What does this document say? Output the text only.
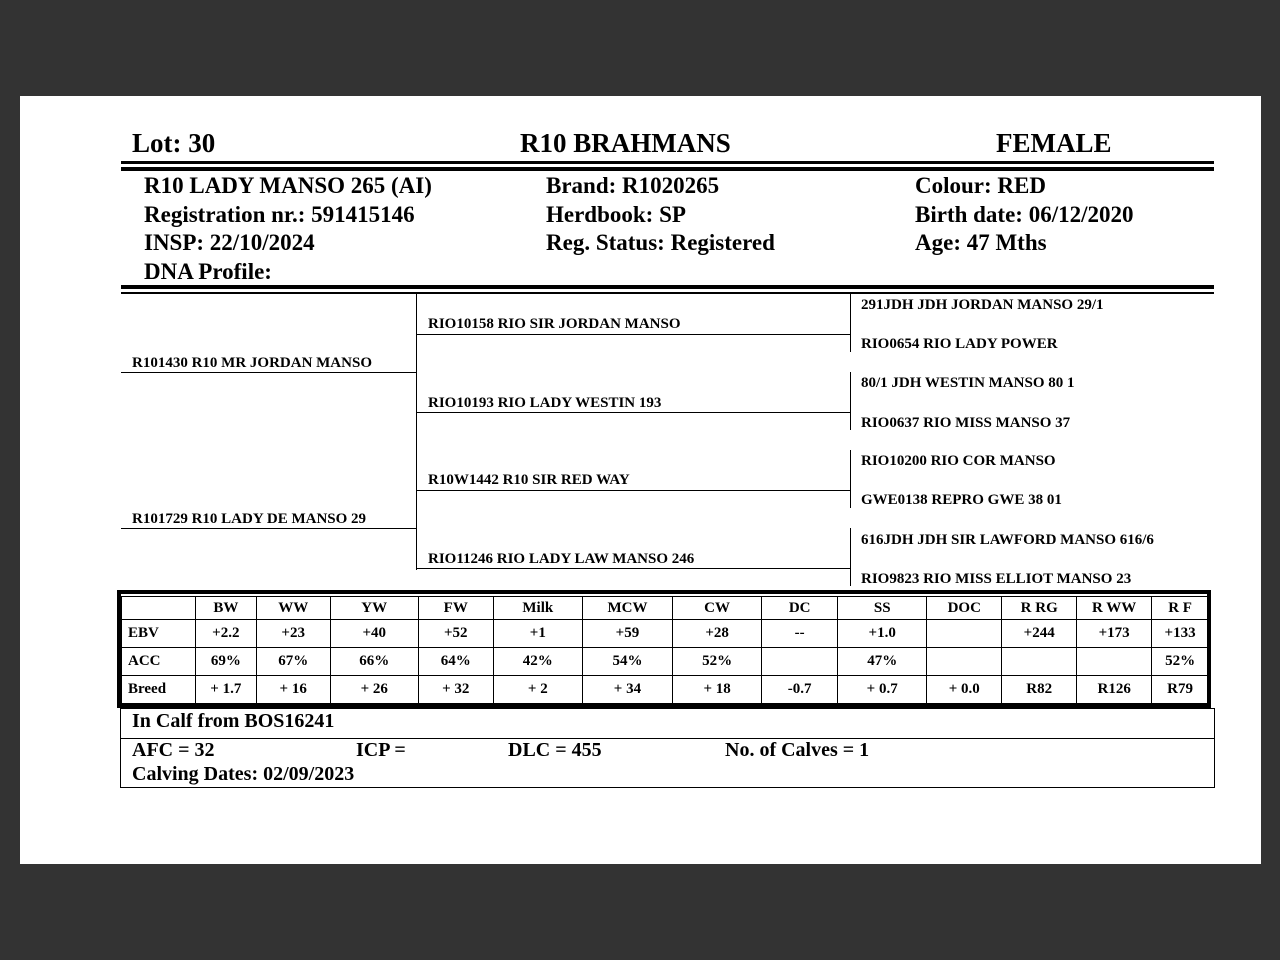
Lot: 30	R10 BRAHMANS	FEMALE
R10 LADY MANSO 265 (AI)
Registration nr.: 591415146
INSP: 22/10/2024
DNA Profile:
Brand: R1020265
Herdbook: SP
Reg. Status: Registered
Colour: RED
Birth date: 06/12/2020
Age: 47 Mths
R101430 R10 MR JORDAN MANSO
R101729 R10 LADY DE MANSO 29
RIO10158 RIO SIR JORDAN MANSO
RIO10193 RIO LADY WESTIN 193
R10W1442 R10 SIR RED WAY
RIO11246 RIO LADY LAW MANSO 246
291JDH JDH JORDAN MANSO 29/1
RIO0654 RIO LADY POWER
80/1 JDH WESTIN MANSO 80 1
RIO0637 RIO MISS MANSO 37
RIO10200 RIO COR MANSO
GWE0138 REPRO GWE 38 01
616JDH JDH SIR LAWFORD MANSO 616/6
RIO9823 RIO MISS ELLIOT MANSO 23
	BW	WW	YW	FW	Milk	MCW	CW	DC	SS	DOC	R RG	R WW	R F
EBV	+2.2	+23	+40	+52	+1	+59	+28	--	+1.0		+244	+173	+133
ACC	69%	67%	66%	64%	42%	54%	52%		47%				52%
Breed	+ 1.7	+ 16	+ 26	+ 32	+ 2	+ 34	+ 18	-0.7	+ 0.7	+ 0.0	R82	R126	R79
In Calf from BOS16241
AFC = 32	ICP =	DLC = 455	No. of Calves = 1
Calving Dates: 02/09/2023
